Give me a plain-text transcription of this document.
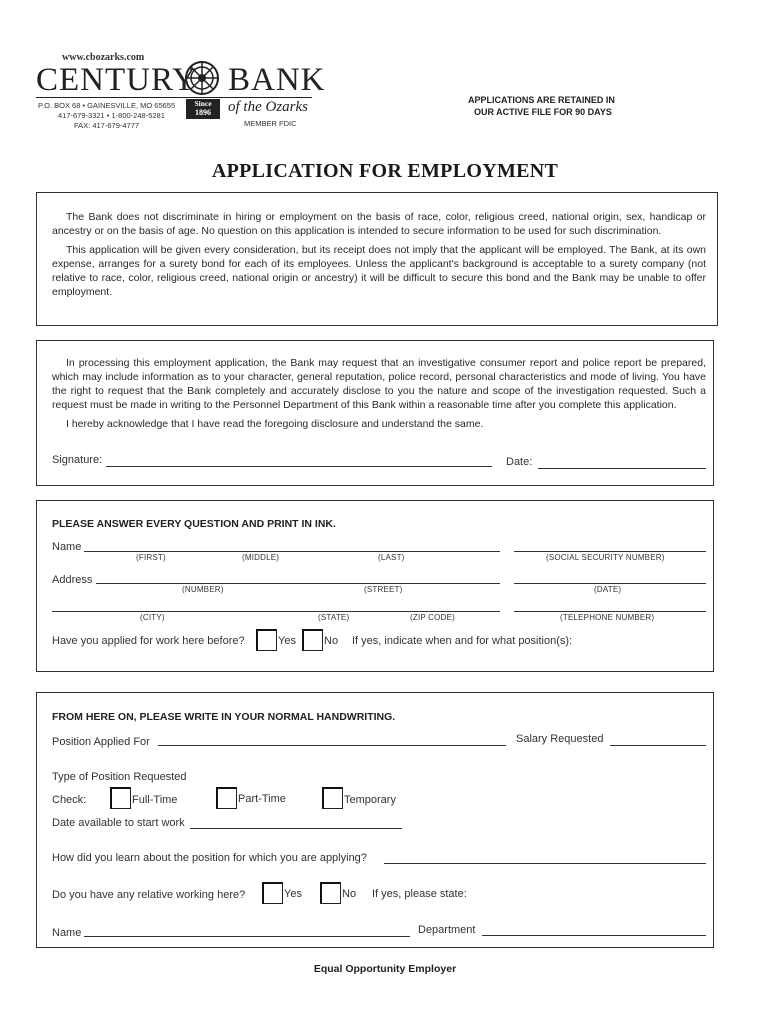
www.cbozarks.com
CENTURY BANK
P.O. BOX 68 • GAINESVILLE, MO 65655
417-679-3321 • 1-800-248-5281
FAX: 417-679-4777
Since
1896	of the Ozarks
MEMBER FDIC
APPLICATIONS ARE RETAINED IN
OUR ACTIVE FILE FOR 90 DAYS
APPLICATION FOR EMPLOYMENT

The Bank does not discriminate in hiring or employment on the basis of race, color, religious creed, national origin, sex, handicap or ancestry or on the basis of age. No question on this application is intended to secure information to be used for such discrimination.

This application will be given every consideration, but its receipt does not imply that the applicant will be employed. The Bank, at its own expense, arranges for a surety bond for each of its employees. Unless the applicant's background is acceptable to a surety company (not relative to race, color, religious creed, national origin or ancestry) it will be difficult to secure this bond and the Bank may be unable to offer employment.

In processing this employment application, the Bank may request that an investigative consumer report and police report be prepared, which may include information as to your character, general reputation, police record, personal characteristics and mode of living. You have the right to request that the Bank completely and accurately disclose to you the nature and scope of the investigation requested. Such a request must be made in writing to the Personnel Department of this Bank within a reasonable time after you complete this application.

I hereby acknowledge that I have read the foregoing disclosure and understand the same.

Signature:	Date:
PLEASE ANSWER EVERY QUESTION AND PRINT IN INK.
Name
(FIRST)	(MIDDLE)	(LAST)	(SOCIAL SECURITY NUMBER)
Address
(NUMBER)	(STREET)	(DATE)
(CITY)	(STATE)	(ZIP CODE)	(TELEPHONE NUMBER)
Have you applied for work here before?	Yes	No If yes, indicate when and for what position(s):
FROM HERE ON, PLEASE WRITE IN YOUR NORMAL HANDWRITING.
Position Applied For	Salary Requested
Type of Position Requested
Check:	Full-Time	Part-Time	Temporary
Date available to start work
How did you learn about the position for which you are applying?
Do you have any relative working here?	Yes	No If yes, please state:
Name	Department
Equal Opportunity Employer
